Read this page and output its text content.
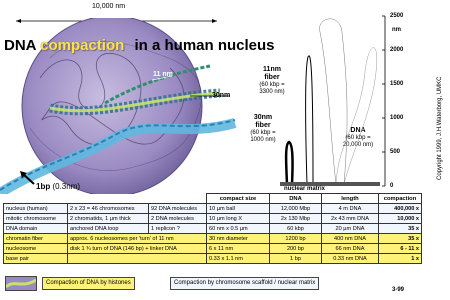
10,000 nm
DNA compaction in a human nucleus
11 nm
30nm
1bp (0.3nm)
11nm
fiber
(60 kbp =
3300 nm)
30nm
fiber
(60 kbp =
1000 nm)
DNA
(60 kbp =
20,000 nm)
nuclear matrix
nm
2500
2000
1500
1000
500
0
			compact size	DNA	length	compaction
nucleus (human)	2 x 23 = 46 chromosomes	92 DNA molecules	10 µm ball	12,000 Mbp	4 m DNA	400,000 x
mitotic chromosome	2 chromatids, 1 µm thick	2 DNA molecules	10 µm long X	2x 130 Mbp	2x 43 mm DNA	10,000 x
DNA domain	anchored DNA loop	1 replicon ?	60 nm x 0.5 µm	60 kbp	20 µm DNA	35 x
chromatin fiber	approx. 6 nucleosomes per 'turn' of 11 nm		30 nm diameter	1200 bp	400 nm DNA	35 x
nucleosome	disk 1 ¾ turn of DNA (146 bp) + linker DNA		6 x 11 nm	200 bp	66 nm DNA	6 - 11 x
base pair			0.33 x 1.1 nm	1 bp	0.33 nm DNA	1 x
Compaction of DNA by histones	Compaction by chromosome scaffold / nuclear matrix
Copyright 1999, J.H.Waterborg, UMKC
3-99
